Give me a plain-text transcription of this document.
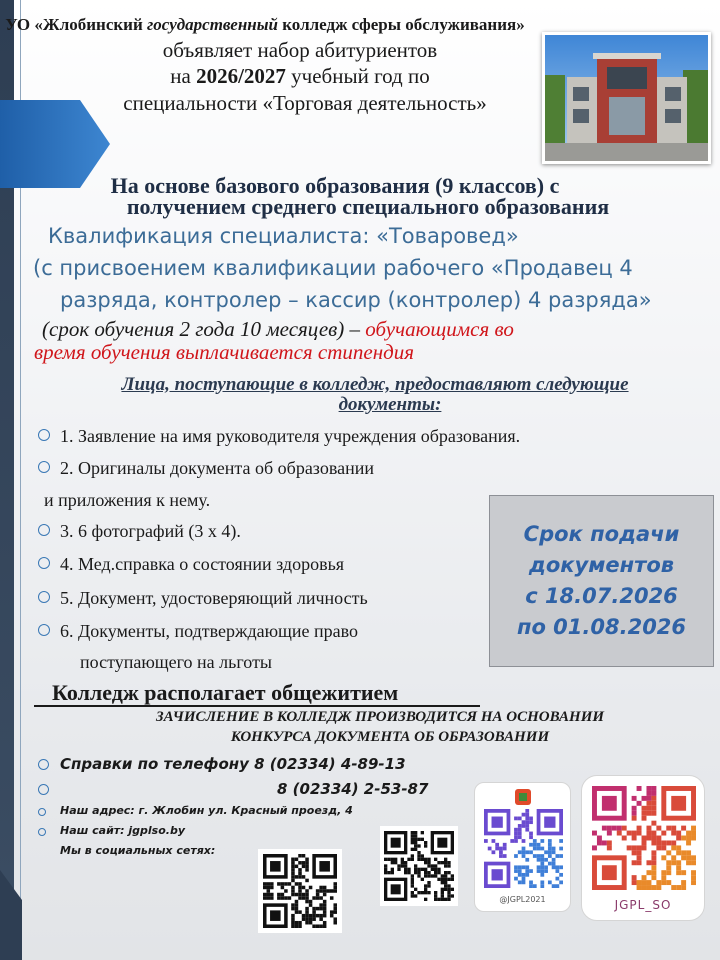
УО «Жлобинский государственный колледж сферы обслуживания»
объявляет набор абитуриентов
на 2026/2027 учебный год по
специальности «Торговая деятельность»
На основе базового образования (9 классов) с
получением среднего специального образования
Квалификация специалиста: «Товаровед»
(с присвоением квалификации рабочего «Продавец 4
разряда, контролер – кассир (контролер) 4 разряда»
(срок обучения 2 года 10 месяцев) – обучающимся во
время обучения выплачивается стипендия
Лица, поступающие в колледж, предоставляют следующие
документы:
1. Заявление на имя руководителя учреждения образования.
2. Оригиналы документа об образовании
и приложения к нему.
3. 6 фотографий (3 х 4).
4. Мед.справка о состоянии здоровья
5. Документ, удостоверяющий личность
6. Документы, подтверждающие право
поступающего на льготы
Срок подачи
документов
с 18.07.2026
по 01.08.2026
Колледж располагает общежитием
ЗАЧИСЛЕНИЕ В КОЛЛЕДЖ ПРОИЗВОДИТСЯ НА ОСНОВАНИИ
КОНКУРСА ДОКУМЕНТА ОБ ОБРАЗОВАНИИ
Справки по телефону 8 (02334) 4-89-13
8 (02334) 2-53-87
Наш адрес: г. Жлобин ул. Красный проезд, 4
Наш сайт: jgplso.by
Мы в социальных сетях:
@JGPL2021	JGPL_SO
